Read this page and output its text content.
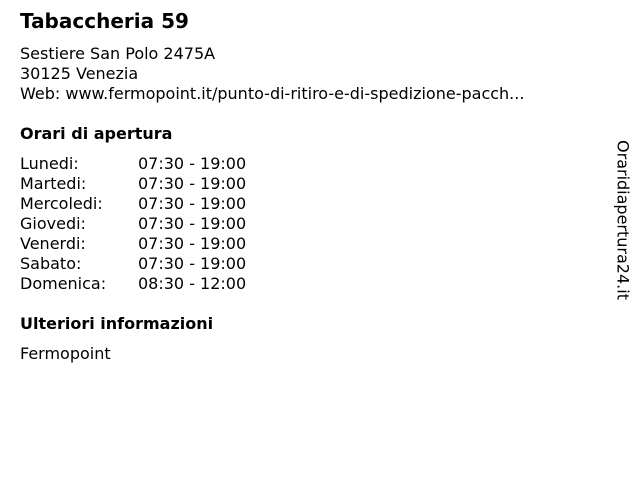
Tabaccheria 59
Sestiere San Polo 2475A
30125 Venezia
Web: www.fermopoint.it/punto-di-ritiro-e-di-spedizione-pacch...
Orari di apertura
Lunedi:	07:30 - 19:00
Martedi:	07:30 - 19:00
Mercoledi:	07:30 - 19:00
Giovedi:	07:30 - 19:00
Venerdi:	07:30 - 19:00
Sabato:	07:30 - 19:00
Domenica:	08:30 - 12:00
Ulteriori informazioni
Fermopoint
Oraridiapertura24.it
